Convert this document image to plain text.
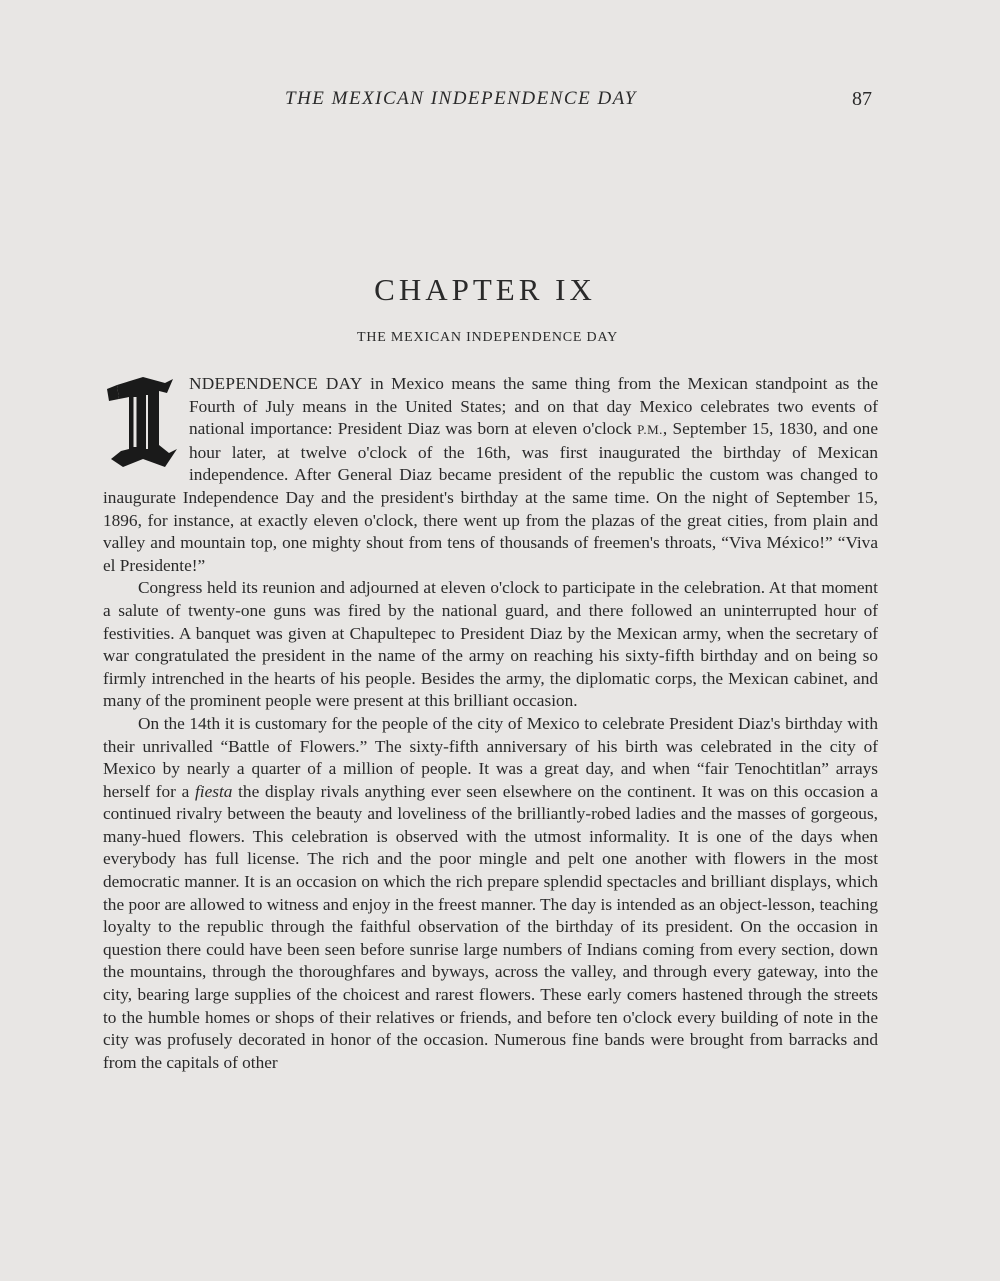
THE MEXICAN INDEPENDENCE DAY	87
CHAPTER IX
THE MEXICAN INDEPENDENCE DAY

NDEPENDENCE DAY in Mexico means the same thing from the Mexican standpoint as the Fourth of July means in the United States; and on that day Mexico celebrates two events of national importance: President Diaz was born at eleven o'clock P.M., September 15, 1830, and one hour later, at twelve o'clock of the 16th, was first inaugurated the birthday of Mexican independence. After General Diaz became president of the republic the custom was changed to inaugurate Independence Day and the president's birthday at the same time. On the night of September 15, 1896, for instance, at exactly eleven o'clock, there went up from the plazas of the great cities, from plain and valley and mountain top, one mighty shout from tens of thousands of freemen's throats, “Viva México!” “Viva el Presidente!”

Congress held its reunion and adjourned at eleven o'clock to participate in the celebration. At that moment a salute of twenty-one guns was fired by the national guard, and there followed an uninterrupted hour of festivities. A banquet was given at Chapultepec to President Diaz by the Mexican army, when the secretary of war congratulated the president in the name of the army on reaching his sixty-fifth birthday and on being so firmly intrenched in the hearts of his people. Besides the army, the diplomatic corps, the Mexican cabinet, and many of the prominent people were present at this brilliant occasion.

On the 14th it is customary for the people of the city of Mexico to celebrate President Diaz's birthday with their unrivalled “Battle of Flowers.” The sixty-fifth anniversary of his birth was celebrated in the city of Mexico by nearly a quarter of a million of people. It was a great day, and when “fair Tenochtitlan” arrays herself for a fiesta the display rivals anything ever seen elsewhere on the continent. It was on this occasion a continued rivalry between the beauty and loveliness of the brilliantly-robed ladies and the masses of gorgeous, many-hued flowers. This celebration is observed with the utmost informality. It is one of the days when everybody has full license. The rich and the poor mingle and pelt one another with flowers in the most democratic manner. It is an occasion on which the rich prepare splendid spectacles and brilliant displays, which the poor are allowed to witness and enjoy in the freest manner. The day is intended as an object-lesson, teaching loyalty to the republic through the faithful observation of the birthday of its president. On the occasion in question there could have been seen before sunrise large numbers of Indians coming from every section, down the mountains, through the thoroughfares and byways, across the valley, and through every gateway, into the city, bearing large supplies of the choicest and rarest flowers. These early comers hastened through the streets to the humble homes or shops of their relatives or friends, and before ten o'clock every building of note in the city was profusely decorated in honor of the occasion. Numerous fine bands were brought from barracks and from the capitals of other
